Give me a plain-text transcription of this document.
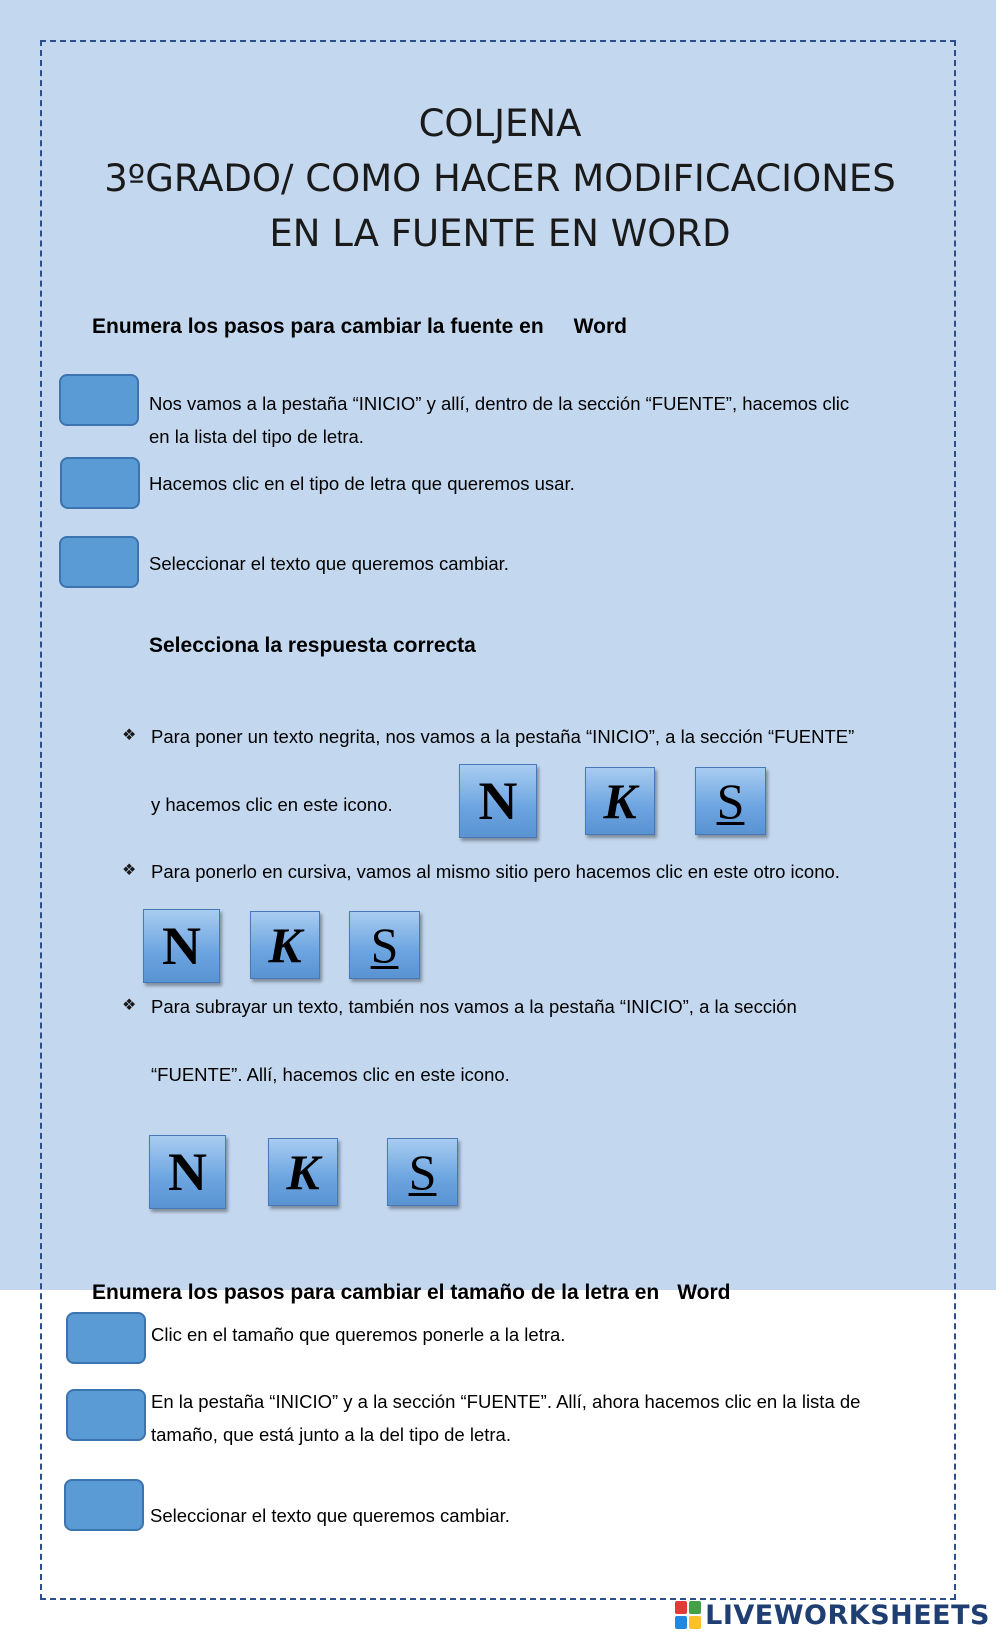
COLJENA
3ºGRADO/ COMO HACER MODIFICACIONES
EN LA FUENTE EN WORD
Enumera los pasos para cambiar la fuente en Word
Nos vamos a la pestaña “INICIO” y allí, dentro de la sección “FUENTE”, hacemos clic
en la lista del tipo de letra.
Hacemos clic en el tipo de letra que queremos usar.
Seleccionar el texto que queremos cambiar.
Selecciona la respuesta correcta
❖ Para poner un texto negrita, nos vamos a la pestaña “INICIO”, a la sección “FUENTE”
y hacemos clic en este icono.	N	K	S
❖ Para ponerlo en cursiva, vamos al mismo sitio pero hacemos clic en este otro icono.
N	K	S
❖ Para subrayar un texto, también nos vamos a la pestaña “INICIO”, a la sección
“FUENTE”. Allí, hacemos clic en este icono.
N	K	S
Enumera los pasos para cambiar el tamaño de la letra en Word
Clic en el tamaño que queremos ponerle a la letra.
En la pestaña “INICIO” y a la sección “FUENTE”. Allí, ahora hacemos clic en la lista de
tamaño, que está junto a la del tipo de letra.
Seleccionar el texto que queremos cambiar.
LIVEWORKSHEETS
